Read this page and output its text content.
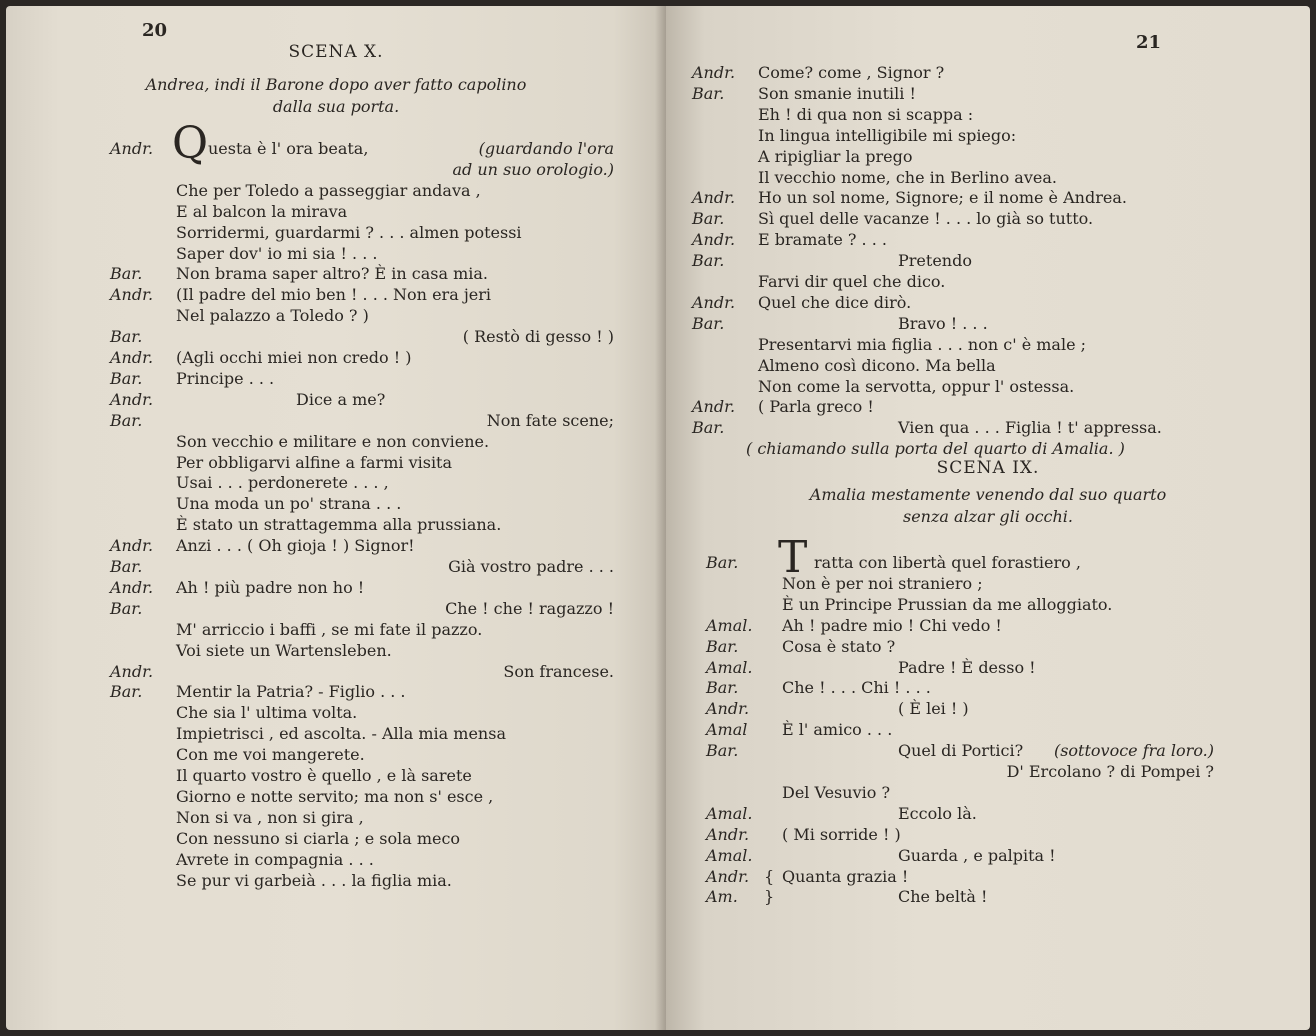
20
SCENA X.
Andrea, indi il Barone dopo aver fatto capolino
dalla sua porta.
Andr. Q uesta è l' ora beata,	(guardando l'ora
ad un suo orologio.)
Che per Toledo a passeggiar andava ,
E al balcon la mirava
Sorridermi, guardarmi ? . . . almen potessi
Saper dov' io mi sia ! . . .
Bar. Non brama saper altro? È in casa mia.
Andr. (Il padre del mio ben ! . . . Non era jeri
Nel palazzo a Toledo ? )
Bar.	( Restò di gesso ! )
Andr. (Agli occhi miei non credo ! )
Bar. Principe . . .
Andr.	Dice a me?
Bar.	Non fate scene;
Son vecchio e militare e non conviene.
Per obbligarvi alfine a farmi visita
Usai . . . perdonerete . . . ,
Una moda un po' strana . . .
È stato un strattagemma alla prussiana.
Andr. Anzi . . . ( Oh gioja ! ) Signor!
Bar.	Già vostro padre . . .
Andr. Ah ! più padre non ho !
Bar.	Che ! che ! ragazzo !
M' arriccio i baffi , se mi fate il pazzo.
Voi siete un Wartensleben.
Andr.	Son francese.
Bar. Mentir la Patria? - Figlio . . .
Che sia l' ultima volta.
Impietrisci , ed ascolta. - Alla mia mensa
Con me voi mangerete.
Il quarto vostro è quello , e là sarete
Giorno e notte servito; ma non s' esce ,
Non si va , non si gira ,
Con nessuno si ciarla ; e sola meco
Avrete in compagnia . . .
Se pur vi garbeià . . . la figlia mia.
21
Andr. Come? come , Signor ?
Bar. Son smanie inutili !
Eh ! di qua non si scappa :
In lingua intelligibile mi spiego:
A ripigliar la prego
Il vecchio nome, che in Berlino avea.
Andr. Ho un sol nome, Signore; e il nome è Andrea.
Bar. Sì quel delle vacanze ! . . . lo già so tutto.
Andr. E bramate ? . . .
Bar.	Pretendo
Farvi dir quel che dico.
Andr. Quel che dice dirò.
Bar.	Bravo ! . . .
Presentarvi mia figlia . . . non c' è male ;
Almeno così dicono. Ma bella
Non come la servotta, oppur l' ostessa.
Andr. ( Parla greco !
Bar.	Vien qua . . . Figlia ! t' appressa.
( chiamando sulla porta del quarto di Amalia. )
SCENA IX.
Amalia mestamente venendo dal suo quarto
senza alzar gli occhi.
Bar. T ratta con libertà quel forastiero ,
Non è per noi straniero ;
È un Principe Prussian da me alloggiato.
Amal. Ah ! padre mio ! Chi vedo !
Bar.	Cosa è stato ?
Amal.	Padre ! È desso !
Bar.	Che ! . . . Chi ! . . .
Andr.	( È lei ! )
Amal È l' amico . . .
Bar.	Quel di Portici? (sottovoce fra loro.)
D' Ercolano ? di Pompei ?
Del Vesuvio ?
Amal.	Eccolo là.
Andr. ( Mi sorride ! )
Amal.	Guarda , e palpita !
Andr. { Quanta grazia !
Am. }	Che beltà !
